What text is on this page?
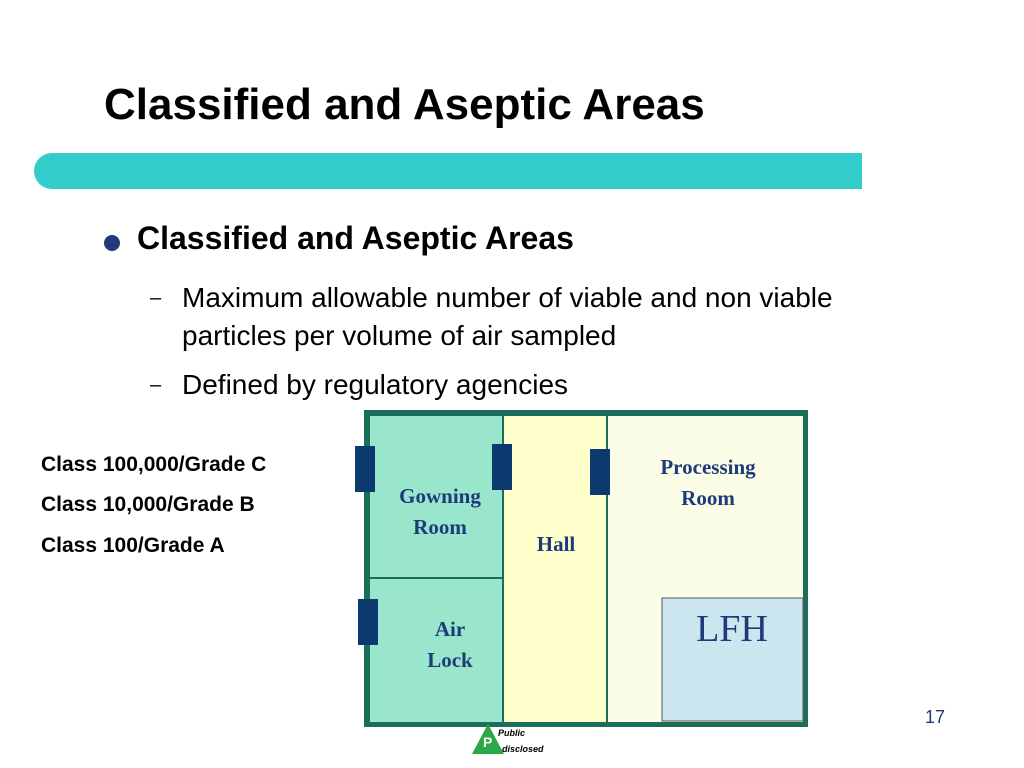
Classified and Aseptic Areas
Classified and Aseptic Areas
– Maximum allowable number of viable and non viable particles per volume of air sampled
– Defined by regulatory agencies
Class 100,000/Grade C
Class 10,000/Grade B
Class 100/Grade A
Gowning Room
Air Lock
Hall
Processing Room
LFH
17
P
Public
disclosed
